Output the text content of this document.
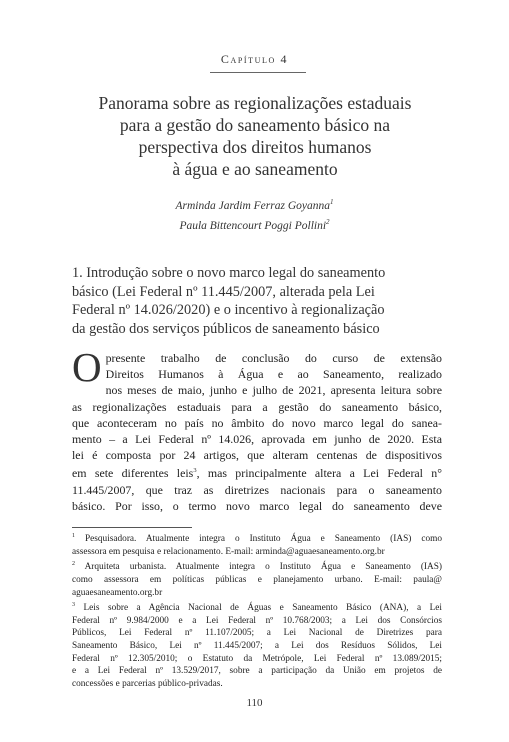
Capítulo 4
Panorama sobre as regionalizações estaduais
para a gestão do saneamento básico na
perspectiva dos direitos humanos
à água e ao saneamento
Arminda Jardim Ferraz Goyanna$^1$
Paula Bittencourt Poggi Pollini$^2$
1. Introdução sobre o novo marco legal do saneamento
básico (Lei Federal nº 11.445/2007, alterada pela Lei
Federal nº 14.026/2020) e o incentivo à regionalização
da gestão dos serviços públicos de saneamento básico
O presente trabalho de conclusão do curso de extensão
Direitos Humanos à Água e ao Saneamento, realizado
nos meses de maio, junho e julho de 2021, apresenta leitura sobre
as regionalizações estaduais para a gestão do saneamento básico,
que aconteceram no país no âmbito do novo marco legal do sanea-
mento – a Lei Federal nº 14.026, aprovada em junho de 2020. Esta
lei é composta por 24 artigos, que alteram centenas de dispositivos
em sete diferentes leis$^3$, mas principalmente altera a Lei Federal n°
11.445/2007, que traz as diretrizes nacionais para o saneamento
básico. Por isso, o termo novo marco legal do saneamento deve
$^1$ Pesquisadora. Atualmente integra o Instituto Água e Saneamento (IAS) como
assessora em pesquisa e relacionamento. E-mail: arminda@aguaesaneamento.org.br
$^2$ Arquiteta urbanista. Atualmente integra o Instituto Água e Saneamento (IAS)
como assessora em políticas públicas e planejamento urbano. E-mail: paula@
aguaesaneamento.org.br
$^3$ Leis sobre a Agência Nacional de Águas e Saneamento Básico (ANA), a Lei
Federal nº 9.984/2000 e a Lei Federal nº 10.768/2003; a Lei dos Consórcios
Públicos, Lei Federal nº 11.107/2005; a Lei Nacional de Diretrizes para
Saneamento Básico, Lei nº 11.445/2007; a Lei dos Resíduos Sólidos, Lei
Federal nº 12.305/2010; o Estatuto da Metrópole, Lei Federal nº 13.089/2015;
e a Lei Federal nº 13.529/2017, sobre a participação da União em projetos de
concessões e parcerias público-privadas.
110
